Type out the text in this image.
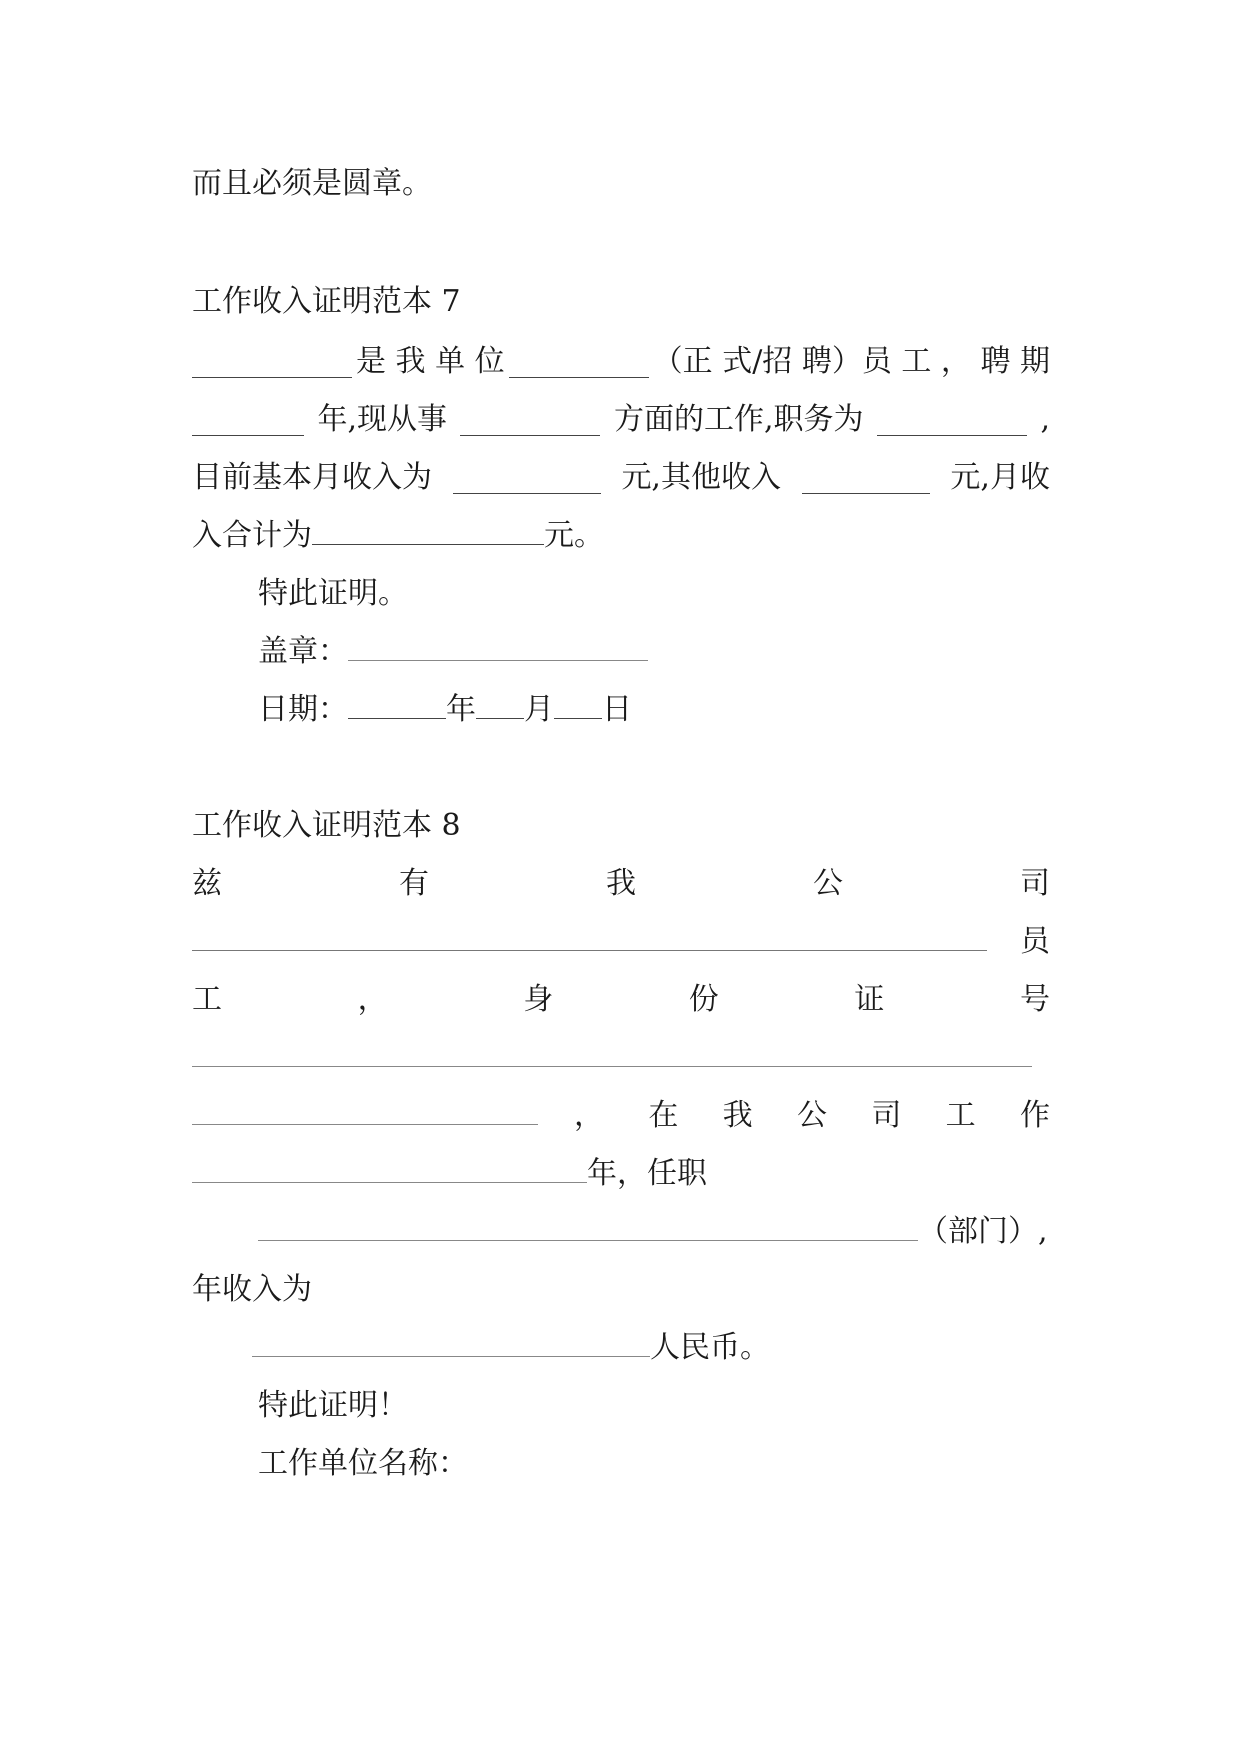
而且必须是圆章。
工作收入证明范本 7
是 我 单 位	（正 式/招 聘）员 工 ， 聘 期
年,现从事	方面的工作,职务为	,
目前基本月收入为	元,其他收入	元,月收
入合计为	元。
特此证明。
盖章：
日期：	年 月 日
工作收入证明范本 8
兹	有	我	公	司
员
工	，	身	份	证	号
， 在 我 公 司 工 作
年，任职
（部门）,
年收入为
人民币。
特此证明！
工作单位名称：
